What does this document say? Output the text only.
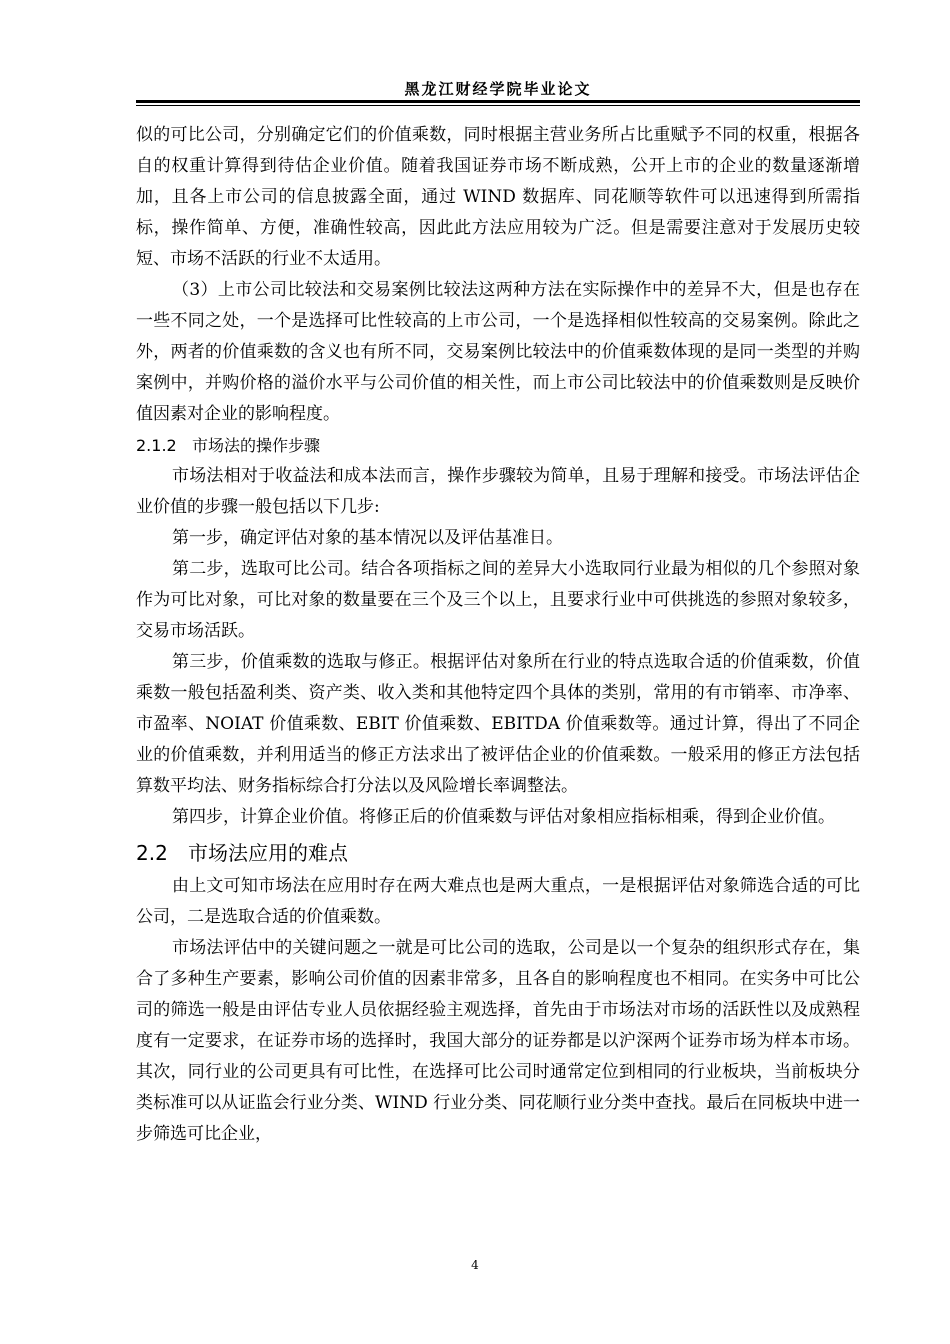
黑龙江财经学院毕业论文

似的可比公司，分别确定它们的价值乘数，同时根据主营业务所占比重赋予不同的权重，根据各自的权重计算得到待估企业价值。随着我国证券市场不断成熟，公开上市的企业的数量逐渐增加，且各上市公司的信息披露全面，通过 WIND 数据库、同花顺等软件可以迅速得到所需指标，操作简单、方便，准确性较高，因此此方法应用较为广泛。但是需要注意对于发展历史较短、市场不活跃的行业不太适用。

（3）上市公司比较法和交易案例比较法这两种方法在实际操作中的差异不大，但是也存在一些不同之处，一个是选择可比性较高的上市公司，一个是选择相似性较高的交易案例。除此之外，两者的价值乘数的含义也有所不同，交易案例比较法中的价值乘数体现的是同一类型的并购案例中，并购价格的溢价水平与公司价值的相关性，而上市公司比较法中的价值乘数则是反映价值因素对企业的影响程度。

2.1.2 市场法的操作步骤

市场法相对于收益法和成本法而言，操作步骤较为简单，且易于理解和接受。市场法评估企业价值的步骤一般包括以下几步:

第一步，确定评估对象的基本情况以及评估基准日。

第二步，选取可比公司。结合各项指标之间的差异大小选取同行业最为相似的几个参照对象作为可比对象，可比对象的数量要在三个及三个以上，且要求行业中可供挑选的参照对象较多，交易市场活跃。

第三步，价值乘数的选取与修正。根据评估对象所在行业的特点选取合适的价值乘数，价值乘数一般包括盈利类、资产类、收入类和其他特定四个具体的类别，常用的有市销率、市净率、市盈率、NOIAT 价值乘数、EBIT 价值乘数、EBITDA 价值乘数等。通过计算，得出了不同企业的价值乘数，并利用适当的修正方法求出了被评估企业的价值乘数。一般采用的修正方法包括算数平均法、财务指标综合打分法以及风险增长率调整法。

第四步，计算企业价值。将修正后的价值乘数与评估对象相应指标相乘，得到企业价值。

2.2 市场法应用的难点

由上文可知市场法在应用时存在两大难点也是两大重点，一是根据评估对象筛选合适的可比公司，二是选取合适的价值乘数。

市场法评估中的关键问题之一就是可比公司的选取，公司是以一个复杂的组织形式存在，集合了多种生产要素，影响公司价值的因素非常多，且各自的影响程度也不相同。在实务中可比公司的筛选一般是由评估专业人员依据经验主观选择，首先由于市场法对市场的活跃性以及成熟程度有一定要求，在证券市场的选择时，我国大部分的证券都是以沪深两个证券市场为样本市场。其次，同行业的公司更具有可比性，在选择可比公司时通常定位到相同的行业板块，当前板块分类标准可以从证监会行业分类、WIND 行业分类、同花顺行业分类中查找。最后在同板块中进一步筛选可比企业，

4
